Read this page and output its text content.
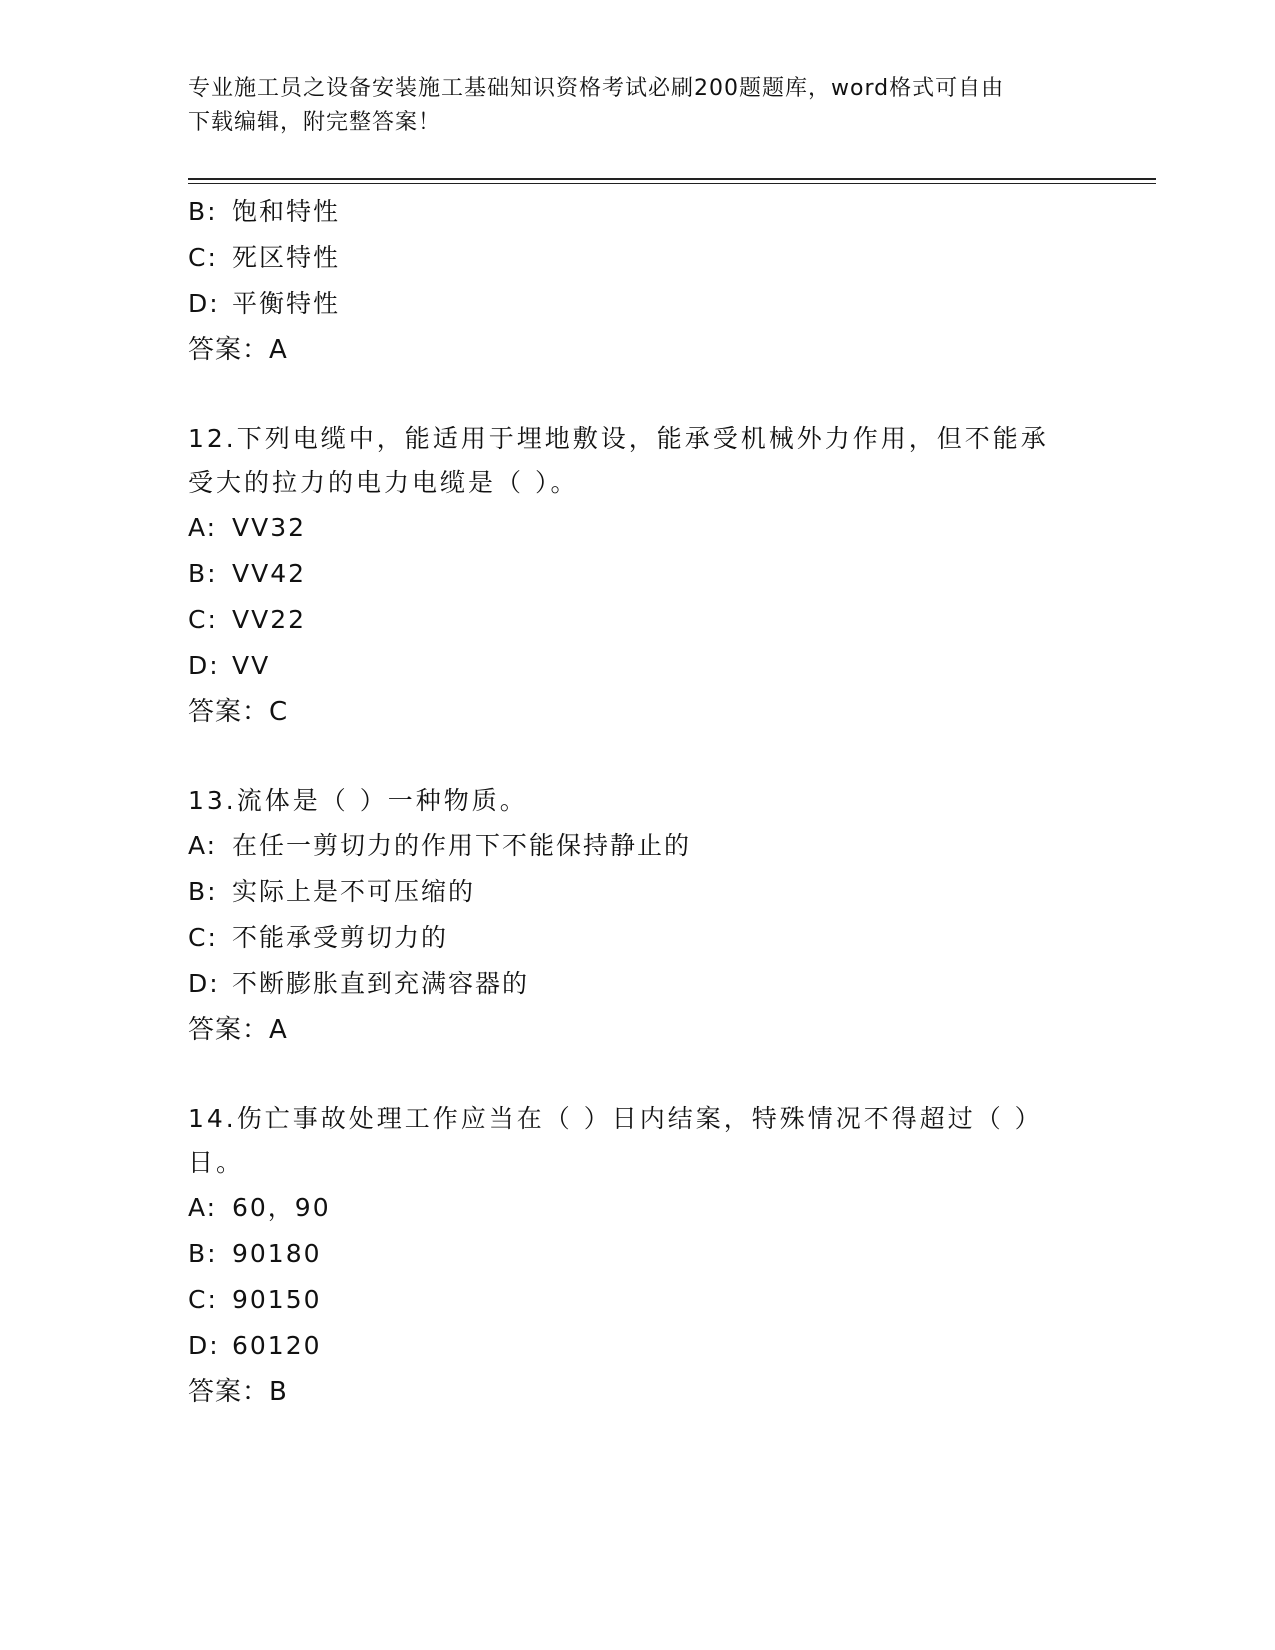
专业施工员之设备安装施工基础知识资格考试必刷200题题库，word格式可自由
下载编辑，附完整答案！
B: 饱和特性
C: 死区特性
D: 平衡特性
答案：A
12.下列电缆中，能适用于埋地敷设，能承受机械外力作用，但不能承
受大的拉力的电力电缆是（ ）。
A: VV32
B: VV42
C: VV22
D: VV
答案：C
13.流体是（ ）一种物质。
A: 在任一剪切力的作用下不能保持静止的
B: 实际上是不可压缩的
C: 不能承受剪切力的
D: 不断膨胀直到充满容器的
答案：A
14.伤亡事故处理工作应当在（ ）日内结案，特殊情况不得超过（ ）
日。
A: 60，90
B: 90180
C: 90150
D: 60120
答案：B
